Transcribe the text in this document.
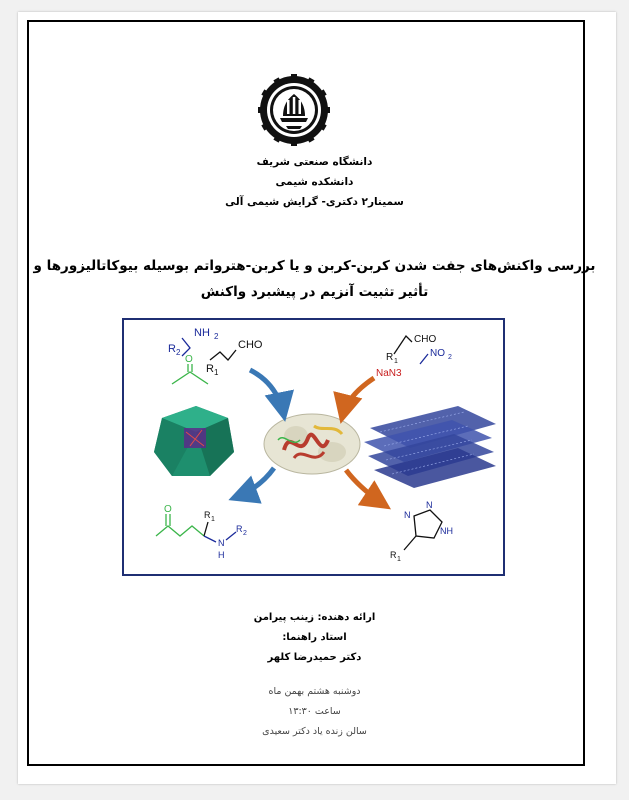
دانشگاه صنعتی شریف
دانشکده شیمی
سمینار۲ دکتری- گرایش شیمی آلی
بررسی واکنش‌های جفت شدن کربن-کربن و یا کربن-هترواتم بوسیله بیوکاتالیزورها و
تأثیر تثبیت آنزیم در پیشبرد واکنش
NH 2
R 2
CHO
R 1
O
CHO
R 1
NO 2
NaN3
O	R 1
N
H
R 2
N
N
NH
R 1
ارائه دهنده: زینب پیرامن
استاد راهنما:
دکتر حمیدرضا کلهر
دوشنبه هشتم بهمن ماه
ساعت ۱۳:۳۰
سالن زنده یاد دکتر سعیدی
